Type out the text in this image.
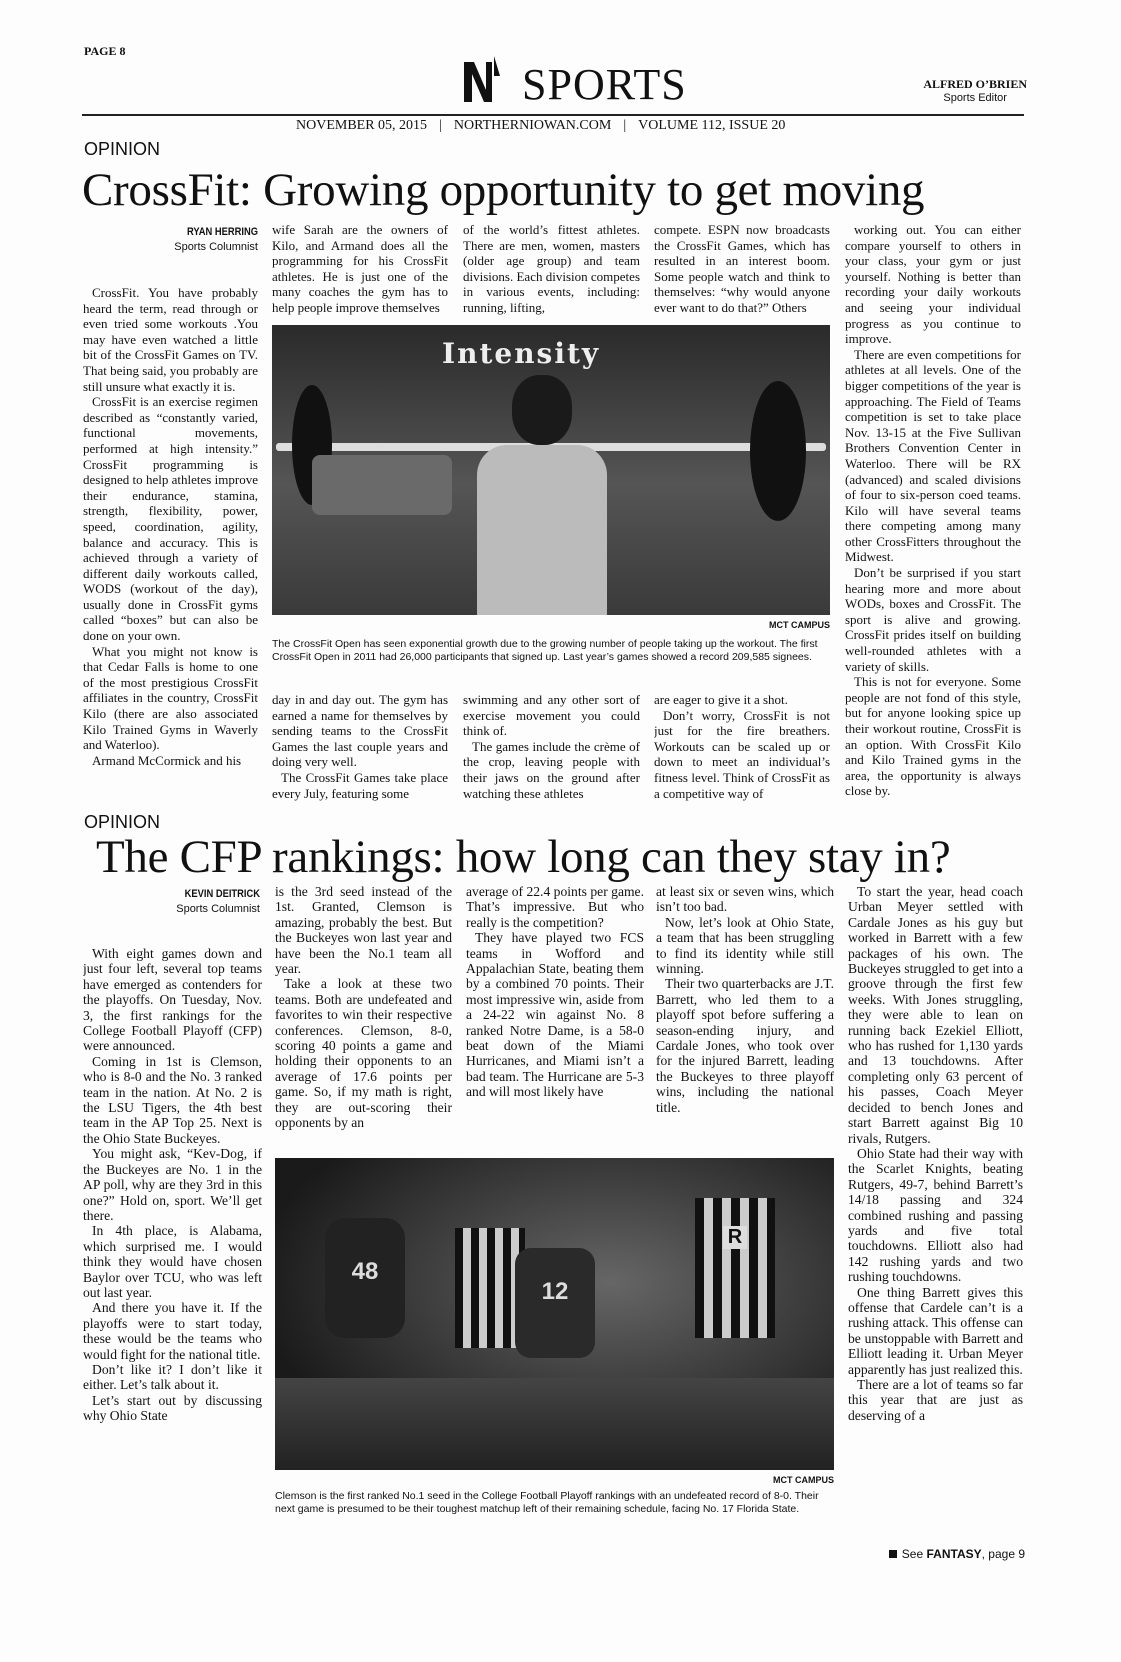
PAGE 8
SPORTS	ALFRED O’BRIEN
Sports Editor
NOVEMBER 05, 2015 | NORTHERNIOWAN.COM | VOLUME 112, ISSUE 20
OPINION
CrossFit: Growing opportunity to get moving
RYAN HERRING
Sports Columnist

CrossFit. You have probably heard the term, read through or even tried some workouts .You may have even watched a little bit of the CrossFit Games on TV. That being said, you probably are still unsure what exactly it is.

CrossFit is an exercise regimen described as “constantly varied, functional movements, performed at high intensity.” CrossFit programming is designed to help athletes improve their endurance, stamina, strength, flexibility, power, speed, coordination, agility, balance and accuracy. This is achieved through a variety of different daily workouts called, WODS (workout of the day), usually done in CrossFit gyms called “boxes” but can also be done on your own.

What you might not know is that Cedar Falls is home to one of the most prestigious CrossFit affiliates in the country, CrossFit Kilo (there are also associated Kilo Trained Gyms in Waverly and Waterloo).

Armand McCormick and his

wife Sarah are the owners of Kilo, and Armand does all the programming for his CrossFit athletes. He is just one of the many coaches the gym has to help people improve themselves

of the world’s fittest athletes. There are men, women, masters (older age group) and team divisions. Each division competes in various events, including: running, lifting,

compete. ESPN now broadcasts the CrossFit Games, which has resulted in an interest boom. Some people watch and think to themselves: “why would anyone ever want to do that?” Others

working out. You can either compare yourself to others in your class, your gym or just yourself. Nothing is better than recording your daily workouts and seeing your individual progress as you continue to improve.

There are even competitions for athletes at all levels. One of the bigger competitions of the year is approaching. The Field of Teams competition is set to take place Nov. 13-15 at the Five Sullivan Brothers Convention Center in Waterloo. There will be RX (advanced) and scaled divisions of four to six-person coed teams. Kilo will have several teams there competing among many other CrossFitters throughout the Midwest.

Don’t be surprised if you start hearing more and more about WODs, boxes and CrossFit. The sport is alive and growing. CrossFit prides itself on building well-rounded athletes with a variety of skills.

This is not for everyone. Some people are not fond of this style, but for anyone looking spice up their workout routine, CrossFit is an option. With CrossFit Kilo and Kilo Trained gyms in the area, the opportunity is always close by.

Intensity
MCT CAMPUS
The CrossFit Open has seen exponential growth due to the growing number of people taking up the workout. The first CrossFit Open in 2011 had 26,000 participants that signed up. Last year’s games showed a record 209,585 signees.

day in and day out. The gym has earned a name for themselves by sending teams to the CrossFit Games the last couple years and doing very well.

The CrossFit Games take place every July, featuring some

swimming and any other sort of exercise movement you could think of.

The games include the crème of the crop, leaving people with their jaws on the ground after watching these athletes

are eager to give it a shot.

Don’t worry, CrossFit is not just for the fire breathers. Workouts can be scaled up or down to meet an individual’s fitness level. Think of CrossFit as a competitive way of

OPINION
The CFP rankings: how long can they stay in?
KEVIN DEITRICK
Sports Columnist

With eight games down and just four left, several top teams have emerged as contenders for the playoffs. On Tuesday, Nov. 3, the first rankings for the College Football Playoff (CFP) were announced.

Coming in 1st is Clemson, who is 8-0 and the No. 3 ranked team in the nation. At No. 2 is the LSU Tigers, the 4th best team in the AP Top 25. Next is the Ohio State Buckeyes.

You might ask, “Kev-Dog, if the Buckeyes are No. 1 in the AP poll, why are they 3rd in this one?” Hold on, sport. We’ll get there.

In 4th place, is Alabama, which surprised me. I would think they would have chosen Baylor over TCU, who was left out last year.

And there you have it. If the playoffs were to start today, these would be the teams who would fight for the national title.

Don’t like it? I don’t like it either. Let’s talk about it.

Let’s start out by discussing why Ohio State

is the 3rd seed instead of the 1st. Granted, Clemson is amazing, probably the best. But the Buckeyes won last year and have been the No.1 team all year.

Take a look at these two teams. Both are undefeated and favorites to win their respective conferences. Clemson, 8-0, scoring 40 points a game and holding their opponents to an average of 17.6 points per game. So, if my math is right, they are out-scoring their opponents by an

average of 22.4 points per game. That’s impressive. But who really is the competition?

They have played two FCS teams in Wofford and Appalachian State, beating them by a combined 70 points. Their most impressive win, aside from a 24-22 win against No. 8 ranked Notre Dame, is a 58-0 beat down of the Miami Hurricanes, and Miami isn’t a bad team. The Hurricane are 5-3 and will most likely have

at least six or seven wins, which isn’t too bad.

Now, let’s look at Ohio State, a team that has been struggling to find its identity while still winning.

Their two quarterbacks are J.T. Barrett, who led them to a playoff spot before suffering a season-ending injury, and Cardale Jones, who took over for the injured Barrett, leading the Buckeyes to three playoff wins, including the national title.

To start the year, head coach Urban Meyer settled with Cardale Jones as his guy but worked in Barrett with a few packages of his own. The Buckeyes struggled to get into a groove through the first few weeks. With Jones struggling, they were able to lean on running back Ezekiel Elliott, who has rushed for 1,130 yards and 13 touchdowns. After completing only 63 percent of his passes, Coach Meyer decided to bench Jones and start Barrett against Big 10 rivals, Rutgers.

Ohio State had their way with the Scarlet Knights, beating Rutgers, 49-7, behind Barrett’s 14/18 passing and 324 combined rushing and passing yards and five total touchdowns. Elliott also had 142 rushing yards and two rushing touchdowns.

One thing Barrett gives this offense that Cardele can’t is a rushing attack. This offense can be unstoppable with Barrett and Elliott leading it. Urban Meyer apparently has just realized this.

There are a lot of teams so far this year that are just as deserving of a

48
12
R
MCT CAMPUS
Clemson is the first ranked No.1 seed in the College Football Playoff rankings with an undefeated record of 8-0. Their next game is presumed to be their toughest matchup left of their remaining schedule, facing No. 17 Florida State.
See FANTASY, page 9
